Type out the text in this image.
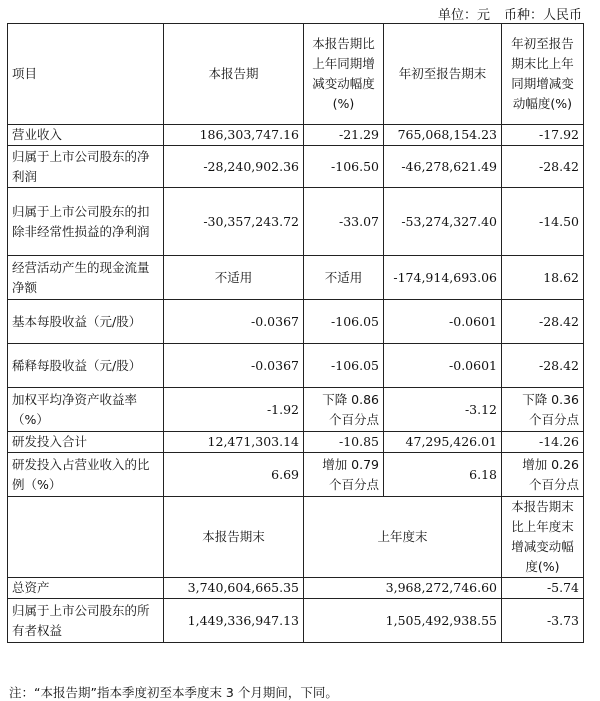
单位：元 币种：人民币
项目	本报告期	本报告期比上年同期增减变动幅度(%)	年初至报告期末	年初至报告期末比上年同期增减变动幅度(%)
营业收入	186,303,747.16	-21.29	765,068,154.23	-17.92
归属于上市公司股东的净利润	-28,240,902.36	-106.50	-46,278,621.49	-28.42
归属于上市公司股东的扣除非经常性损益的净利润	-30,357,243.72	-33.07	-53,274,327.40	-14.50
经营活动产生的现金流量净额	不适用	不适用	-174,914,693.06	18.62
基本每股收益（元/股）	-0.0367	-106.05	-0.0601	-28.42
稀释每股收益（元/股）	-0.0367	-106.05	-0.0601	-28.42
加权平均净资产收益率（%）	-1.92	下降 0.86 个百分点	-3.12	下降 0.36 个百分点
研发投入合计	12,471,303.14	-10.85	47,295,426.01	-14.26
研发投入占营业收入的比例（%）	6.69	增加 0.79 个百分点	6.18	增加 0.26 个百分点
	本报告期末	上年度末		本报告期末比上年度末增减变动幅度(%)
总资产	3,740,604,665.35	3,968,272,746.60		-5.74
归属于上市公司股东的所有者权益	1,449,336,947.13	1,505,492,938.55		-3.73
注：“本报告期”指本季度初至本季度末 3 个月期间，下同。
